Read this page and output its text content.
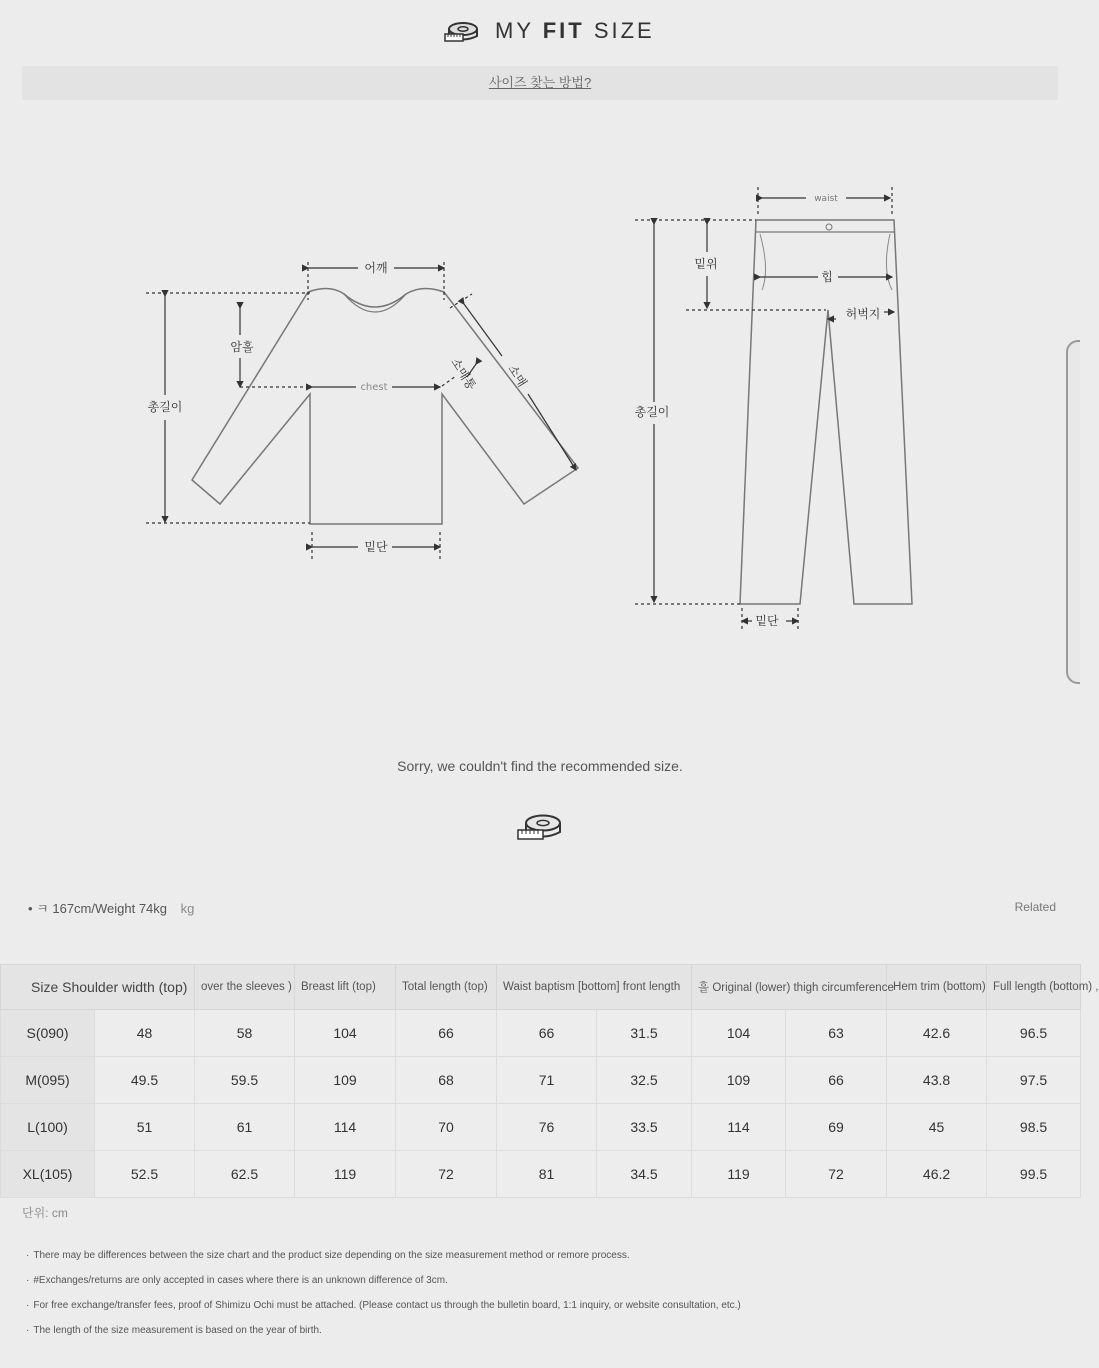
MY FIT SIZE
사이즈 찾는 방법?
어깨
암홀
chest
총길이
밑단
소매통 소매
waist
밑위
힙
허벅지
총길이
밑단
Sorry, we couldn't find the recommended size.
• ㅋ 167cm/Weight 74kg kg	Related
Size Shoulder width (top)		over the sleeves )	Breast lift (top)	Total length (top)	Waist baptism [bottom] front length		흘 Original (lower) thigh circumference		Hem trim (bottom)	Full length (bottom) ,
S(090)	48	58	104	66	66	31.5	104	63	42.6	96.5
M(095)	49.5	59.5	109	68	71	32.5	109	66	43.8	97.5
L(100)	51	61	114	70	76	33.5	114	69	45	98.5
XL(105)	52.5	62.5	119	72	81	34.5	119	72	46.2	99.5
단위: cm
· There may be differences between the size chart and the product size depending on the size measurement method or remore process.
· #Exchanges/returns are only accepted in cases where there is an unknown difference of 3cm.
· For free exchange/transfer fees, proof of Shimizu Ochi must be attached. (Please contact us through the bulletin board, 1:1 inquiry, or website consultation, etc.)
· The length of the size measurement is based on the year of birth.
